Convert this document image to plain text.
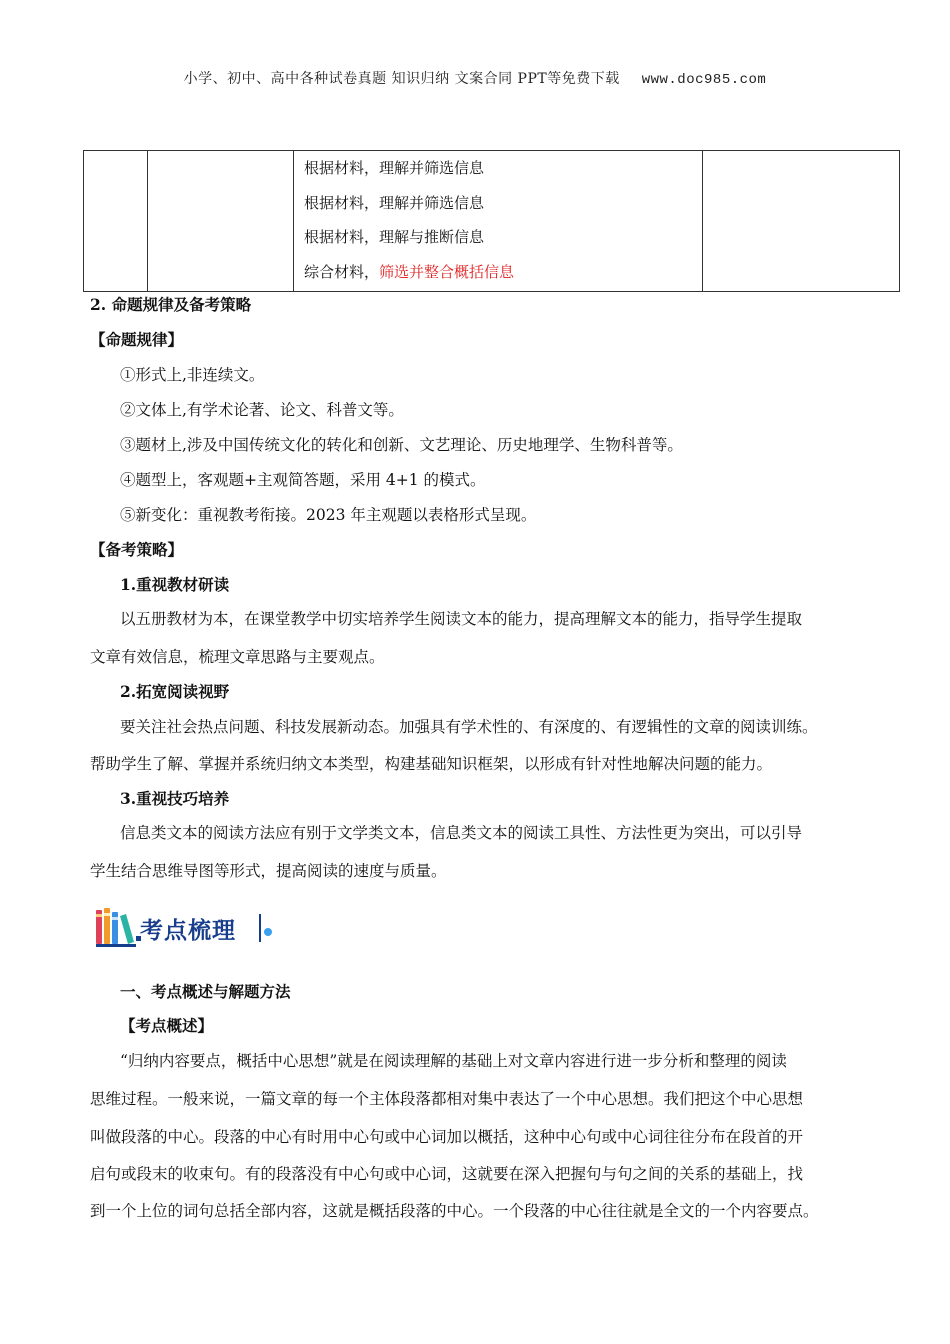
小学、初中、高中各种试卷真题 知识归纳 文案合同 PPT等免费下载 www.doc985.com

根据材料，理解并筛选信息
根据材料，理解并筛选信息
根据材料，理解与推断信息
综合材料，筛选并整合概括信息

2. 命题规律及备考策略
【命题规律】
①形式上,非连续文。
②文体上,有学术论著、论文、科普文等。
③题材上,涉及中国传统文化的转化和创新、文艺理论、历史地理学、生物科普等。
④题型上，客观题+主观简答题，采用 4+1 的模式。
⑤新变化：重视教考衔接。2023 年主观题以表格形式呈现。
【备考策略】
1.重视教材研读
以五册教材为本，在课堂教学中切实培养学生阅读文本的能力，提高理解文本的能力，指导学生提取
文章有效信息，梳理文章思路与主要观点。
2.拓宽阅读视野
要关注社会热点问题、科技发展新动态。加强具有学术性的、有深度的、有逻辑性的文章的阅读训练。
帮助学生了解、掌握并系统归纳文本类型，构建基础知识框架，以形成有针对性地解决问题的能力。
3.重视技巧培养
信息类文本的阅读方法应有别于文学类文本，信息类文本的阅读工具性、方法性更为突出，可以引导
学生结合思维导图等形式，提高阅读的速度与质量。
考点梳理
一、考点概述与解题方法
【考点概述】
“归纳内容要点，概括中心思想”就是在阅读理解的基础上对文章内容进行进一步分析和整理的阅读
思维过程。一般来说，一篇文章的每一个主体段落都相对集中表达了一个中心思想。我们把这个中心思想
叫做段落的中心。段落的中心有时用中心句或中心词加以概括，这种中心句或中心词往往分布在段首的开
启句或段末的收束句。有的段落没有中心句或中心词，这就要在深入把握句与句之间的关系的基础上，找
到一个上位的词句总括全部内容，这就是概括段落的中心。一个段落的中心往往就是全文的一个内容要点。
